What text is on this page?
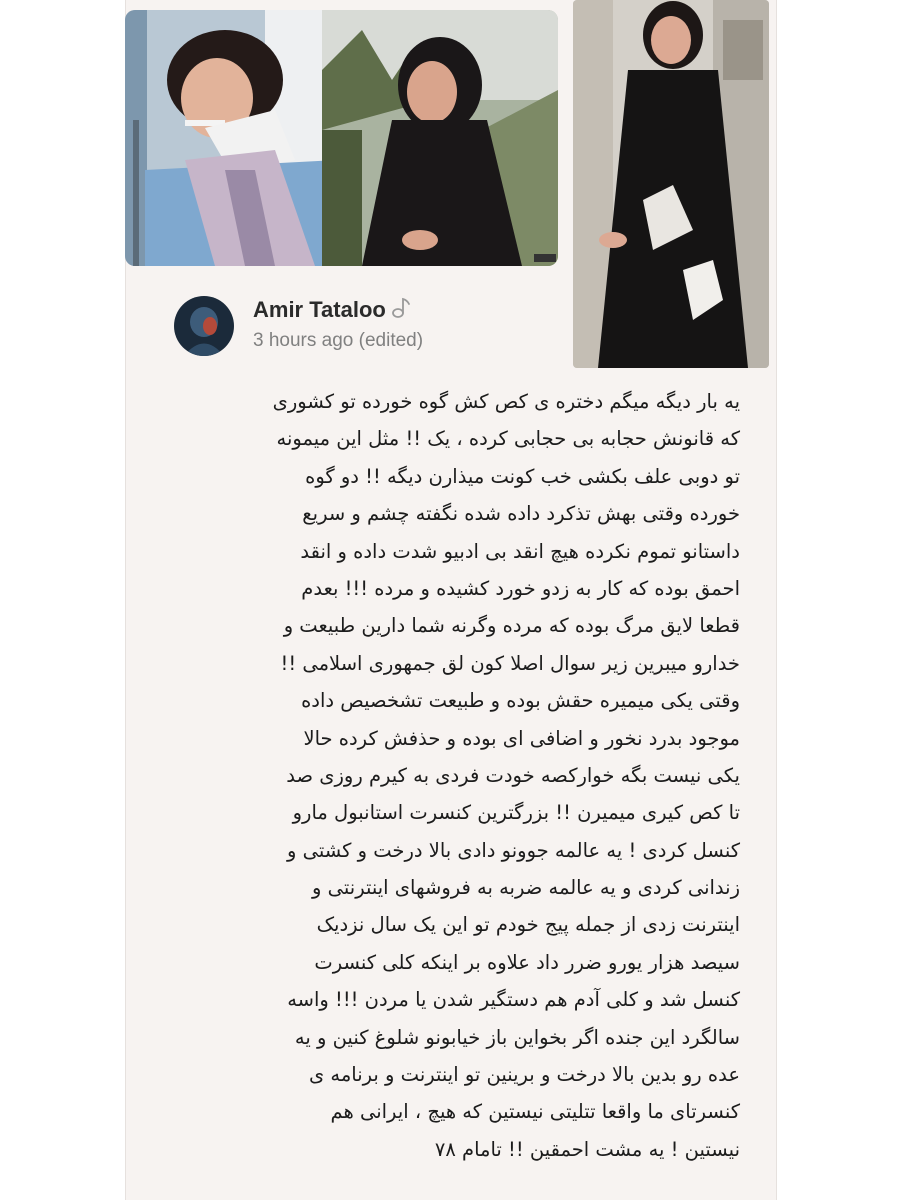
Amir Tataloo
3 hours ago (edited)
یه بار دیگه میگم دختره ی کص کش گوه خورده تو کشوری
که قانونش حجابه بی حجابی کرده ، یک !! مثل این میمونه
تو دوبی علف بکشی خب کونت میذارن دیگه !! دو گوه
خورده وقتی بهش تذکرد داده شده نگفته چشم و سریع
داستانو تموم نکرده هیچ انقد بی ادبیو شدت داده و انقد
احمق بوده که کار به زدو خورد کشیده و مرده !!! بعدم
قطعا لایق مرگ بوده که مرده وگرنه شما دارین طبیعت و
خدارو میبرین زیر سوال اصلا کون لق جمهوری اسلامی !!
وقتی یکی میمیره حقش بوده و طبیعت تشخصیص داده
موجود بدرد نخور و اضافی ای بوده و حذفش کرده حالا
یکی نیست بگه خوارکصه خودت فردی به کیرم روزی صد
تا کص کیری میمیرن !! بزرگترین کنسرت استانبول مارو
کنسل کردی ! یه عالمه جوونو دادی بالا درخت و کشتی و
زندانی کردی و یه عالمه ضربه به فروشهای اینترنتی و
اینترنت زدی از جمله پیج خودم تو این یک سال نزدیک
سیصد هزار یورو ضرر داد علاوه بر اینکه کلی کنسرت
کنسل شد و کلی آدم هم دستگیر شدن یا مردن !!! واسه
سالگرد این جنده اگر بخواین باز خیابونو شلوغ کنین و یه
عده رو بدین بالا درخت و برینین تو اینترنت و برنامه ی
کنسرتای ما واقعا تتلیتی نیستین که هیچ ، ایرانی هم
نیستین ! یه مشت احمقین !! تامام ۷۸
